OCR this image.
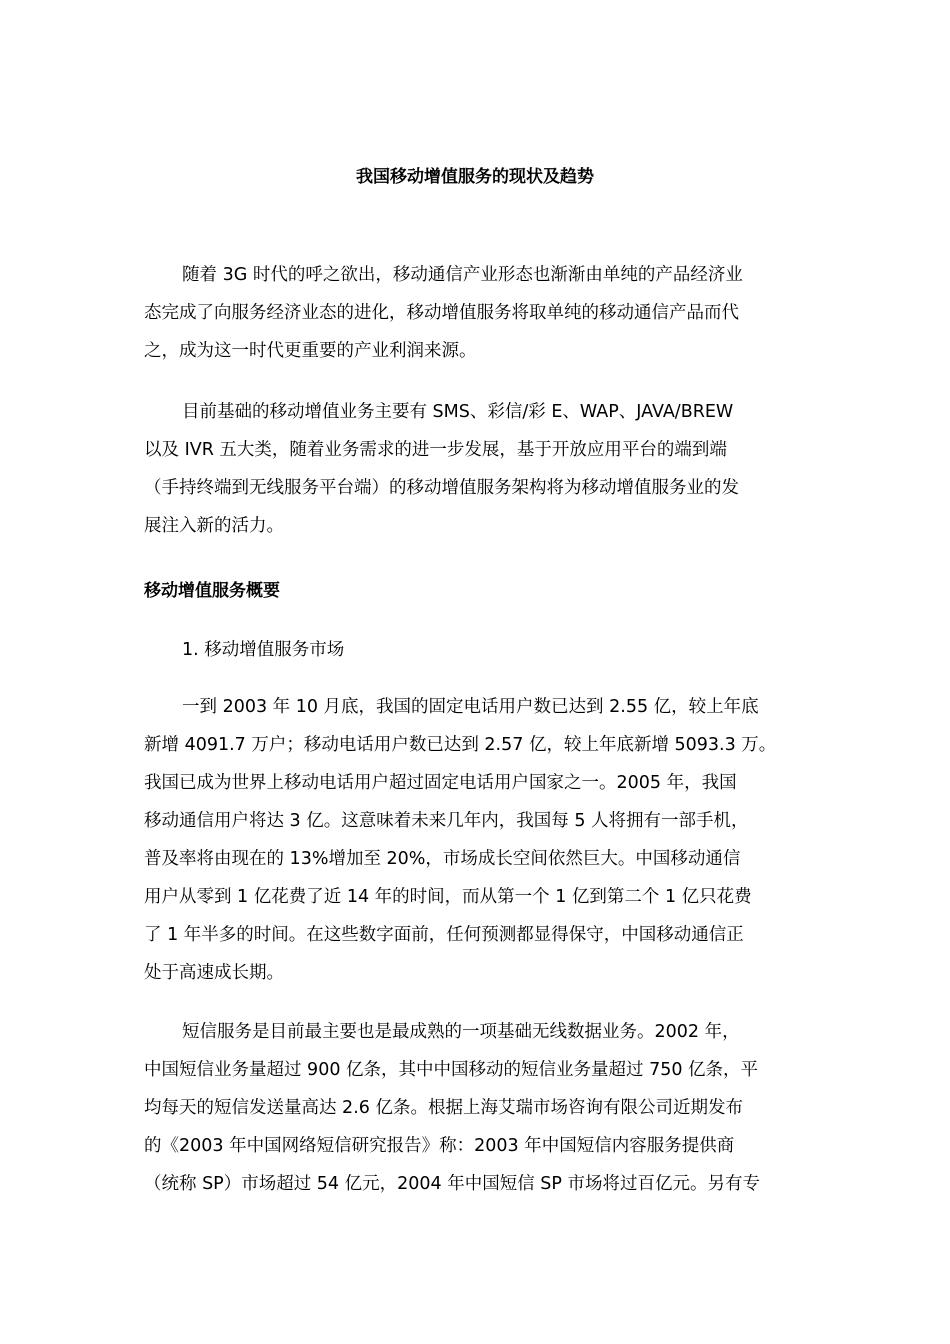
我国移动增值服务的现状及趋势
随着 3G 时代的呼之欲出，移动通信产业形态也渐渐由单纯的产品经济业
态完成了向服务经济业态的进化，移动增值服务将取单纯的移动通信产品而代
之，成为这一时代更重要的产业利润来源。
目前基础的移动增值业务主要有 SMS、彩信/彩 E、WAP、JAVA/BREW
以及 IVR 五大类，随着业务需求的进一步发展，基于开放应用平台的端到端
（手持终端到无线服务平台端）的移动增值服务架构将为移动增值服务业的发
展注入新的活力。
移动增值服务概要
1. 移动增值服务市场
一到 2003 年 10 月底，我国的固定电话用户数已达到 2.55 亿，较上年底
新增 4091.7 万户；移动电话用户数已达到 2.57 亿，较上年底新增 5093.3 万。
我国已成为世界上移动电话用户超过固定电话用户国家之一。2005 年，我国
移动通信用户将达 3 亿。这意味着未来几年内，我国每 5 人将拥有一部手机，
普及率将由现在的 13%增加至 20%，市场成长空间依然巨大。中国移动通信
用户从零到 1 亿花费了近 14 年的时间，而从第一个 1 亿到第二个 1 亿只花费
了 1 年半多的时间。在这些数字面前，任何预测都显得保守，中国移动通信正
处于高速成长期。
短信服务是目前最主要也是最成熟的一项基础无线数据业务。2002 年，
中国短信业务量超过 900 亿条，其中中国移动的短信业务量超过 750 亿条，平
均每天的短信发送量高达 2.6 亿条。根据上海艾瑞市场咨询有限公司近期发布
的《2003 年中国网络短信研究报告》称：2003 年中国短信内容服务提供商
（统称 SP）市场超过 54 亿元，2004 年中国短信 SP 市场将过百亿元。另有专
